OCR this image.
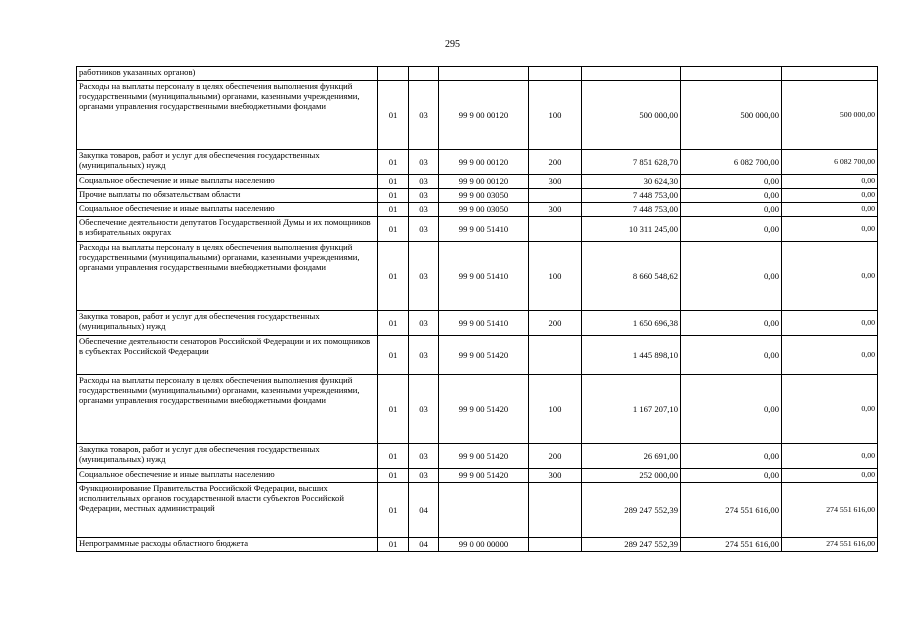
295
работников указанных органов)							
Расходы на выплаты персоналу в целях обеспечения выполнения функций государственными (муниципальными) органами, казенными учреждениями, органами управления государственными внебюджетными фондами	01	03	99 9 00 00120	100	500 000,00	500 000,00	500 000,00
Закупка товаров, работ и услуг для обеспечения государственных (муниципальных) нужд	01	03	99 9 00 00120	200	7 851 628,70	6 082 700,00	6 082 700,00
Социальное обеспечение и иные выплаты населению	01	03	99 9 00 00120	300	30 624,30	0,00	0,00
Прочие выплаты по обязательствам области	01	03	99 9 00 03050		7 448 753,00	0,00	0,00
Социальное обеспечение и иные выплаты населению	01	03	99 9 00 03050	300	7 448 753,00	0,00	0,00
Обеспечение деятельности депутатов Государственной Думы и их помощников в избирательных округах	01	03	99 9 00 51410		10 311 245,00	0,00	0,00
Расходы на выплаты персоналу в целях обеспечения выполнения функций государственными (муниципальными) органами, казенными учреждениями, органами управления государственными внебюджетными фондами	01	03	99 9 00 51410	100	8 660 548,62	0,00	0,00
Закупка товаров, работ и услуг для обеспечения государственных (муниципальных) нужд	01	03	99 9 00 51410	200	1 650 696,38	0,00	0,00
Обеспечение деятельности сенаторов Российской Федерации и их помощников в субъектах Российской Федерации	01	03	99 9 00 51420		1 445 898,10	0,00	0,00
Расходы на выплаты персоналу в целях обеспечения выполнения функций государственными (муниципальными) органами, казенными учреждениями, органами управления государственными внебюджетными фондами	01	03	99 9 00 51420	100	1 167 207,10	0,00	0,00
Закупка товаров, работ и услуг для обеспечения государственных (муниципальных) нужд	01	03	99 9 00 51420	200	26 691,00	0,00	0,00
Социальное обеспечение и иные выплаты населению	01	03	99 9 00 51420	300	252 000,00	0,00	0,00
Функционирование Правительства Российской Федерации, высших исполнительных органов государственной власти субъектов Российской Федерации, местных администраций	01	04			289 247 552,39	274 551 616,00	274 551 616,00
Непрограммные расходы областного бюджета	01	04	99 0 00 00000		289 247 552,39	274 551 616,00	274 551 616,00
